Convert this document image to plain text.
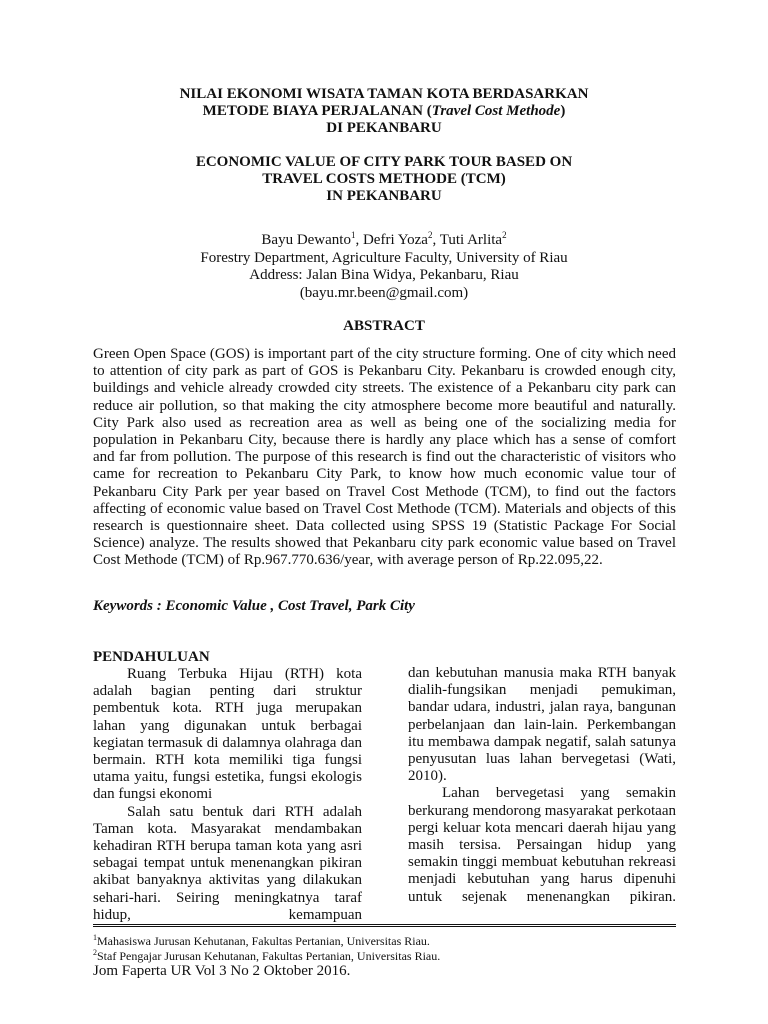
NILAI EKONOMI WISATA TAMAN KOTA BERDASARKAN
METODE BIAYA PERJALANAN (Travel Cost Methode)
DI PEKANBARU
ECONOMIC VALUE OF CITY PARK TOUR BASED ON
TRAVEL COSTS METHODE (TCM)
IN PEKANBARU
Bayu Dewanto$^1$, Defri Yoza$^2$, Tuti Arlita$^2$
Forestry Department, Agriculture Faculty, University of Riau
Address: Jalan Bina Widya, Pekanbaru, Riau
(bayu.mr.been@gmail.com)
ABSTRACT
Green Open Space (GOS) is important part of the city structure forming. One of city which need to attention of city park as part of GOS is Pekanbaru City. Pekanbaru is crowded enough city, buildings and vehicle already crowded city streets. The existence of a Pekanbaru city park can reduce air pollution, so that making the city atmosphere become more beautiful and naturally. City Park also used as recreation area as well as being one of the socializing media for population in Pekanbaru City, because there is hardly any place which has a sense of comfort and far from pollution. The purpose of this research is find out the characteristic of visitors who came for recreation to Pekanbaru City Park, to know how much economic value tour of Pekanbaru City Park per year based on Travel Cost Methode (TCM), to find out the factors affecting of economic value based on Travel Cost Methode (TCM). Materials and objects of this research is questionnaire sheet. Data collected using SPSS 19 (Statistic Package For Social Science) analyze. The results showed that Pekanbaru city park economic value based on Travel Cost Methode (TCM) of Rp.967.770.636/year, with average person of Rp.22.095,22.
Keywords : Economic Value , Cost Travel, Park City
PENDAHULUAN

Ruang Terbuka Hijau (RTH) kota adalah bagian penting dari struktur pembentuk kota. RTH juga merupakan lahan yang digunakan untuk berbagai kegiatan termasuk di dalamnya olahraga dan bermain. RTH kota memiliki tiga fungsi utama yaitu, fungsi estetika, fungsi ekologis dan fungsi ekonomi

Salah satu bentuk dari RTH adalah Taman kota. Masyarakat mendambakan kehadiran RTH berupa taman kota yang asri sebagai tempat untuk menenangkan pikiran akibat banyaknya aktivitas yang dilakukan sehari-hari. Seiring meningkatnya taraf hidup, kemampuan

dan kebutuhan manusia maka RTH banyak dialih-fungsikan menjadi pemukiman, bandar udara, industri, jalan raya, bangunan perbelanjaan dan lain-lain. Perkembangan itu membawa dampak negatif, salah satunya penyusutan luas lahan bervegetasi (Wati, 2010).

Lahan bervegetasi yang semakin berkurang mendorong masyarakat perkotaan pergi keluar kota mencari daerah hijau yang masih tersisa. Persaingan hidup yang semakin tinggi membuat kebutuhan rekreasi menjadi kebutuhan yang harus dipenuhi untuk sejenak menenangkan pikiran.

$^1$Mahasiswa Jurusan Kehutanan, Fakultas Pertanian, Universitas Riau.
$^2$Staf Pengajar Jurusan Kehutanan, Fakultas Pertanian, Universitas Riau.
Jom Faperta UR Vol 3 No 2 Oktober 2016.
